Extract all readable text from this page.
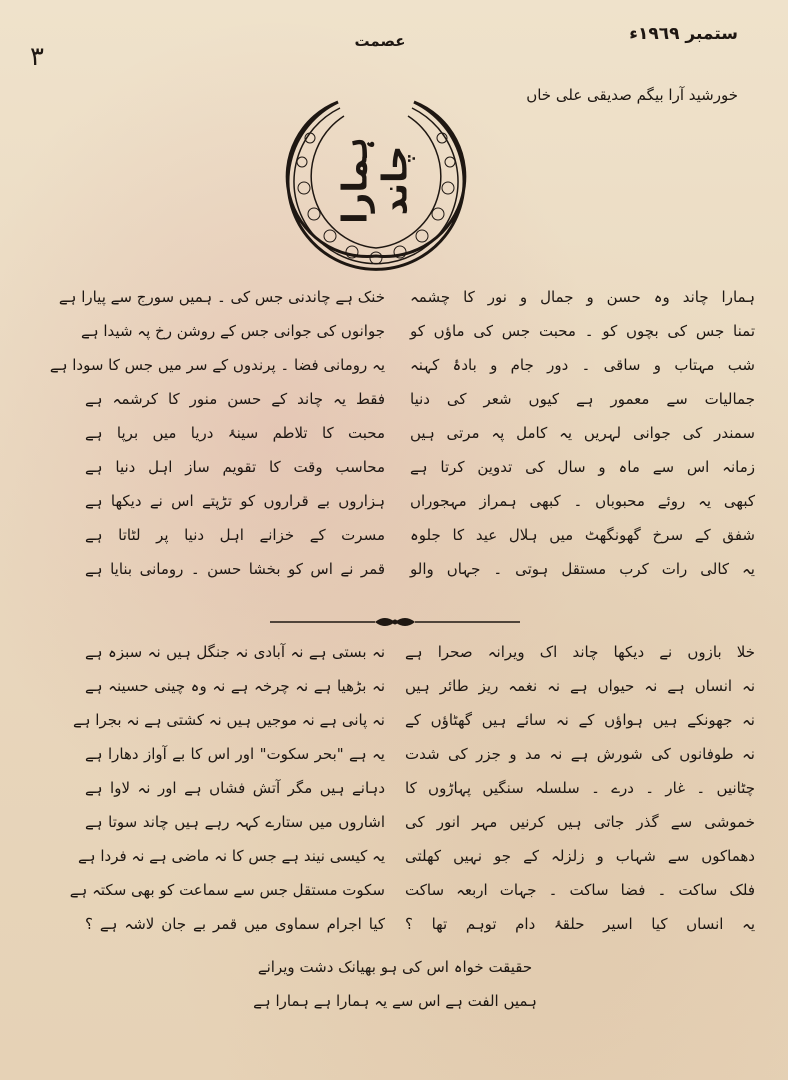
٣
عصمت	ستمبر ١٩٦٩ء
خورشید آرا بیگم صدیقی علی خاں
ہمارا چاند
ہمارا چاند وہ حسن و جمال و نور کا چشمہ
تمنا جس کی بچوں کو ۔ محبت جس کی ماؤں کو
شب مہتاب و ساقی ۔ دور جام و بادۂ کہنہ
جمالیات سے معمور ہے کیوں شعر کی دنیا
سمندر کی جوانی لہریں یہ کامل پہ مرتی ہیں
زمانہ اس سے ماہ و سال کی تدوین کرتا ہے
کبھی یہ روئے محبوباں ۔ کبھی ہمراز مہجوراں
شفق کے سرخ گھونگھٹ میں ہلال عید کا جلوہ
یہ کالی رات کرب مستقل ہوتی ۔ جہاں والو
خنک ہے چاندنی جس کی ۔ ہمیں سورج سے پیارا ہے
جوانوں کی جوانی جس کے روشن رخ پہ شیدا ہے
یہ رومانی فضا ۔ پرندوں کے سر میں جس کا سودا ہے
فقط یہ چاند کے حسن منور کا کرشمہ ہے
محبت کا تلاطم سینۂ دریا میں برپا ہے
محاسب وقت کا تقویم ساز اہل دنیا ہے
ہزاروں بے قراروں کو تڑپتے اس نے دیکھا ہے
مسرت کے خزانے اہل دنیا پر لٹاتا ہے
قمر نے اس کو بخشا حسن ۔ رومانی بنایا ہے
خلا بازوں نے دیکھا چاند اک ویرانہ صحرا ہے
نہ انساں ہے نہ حیواں ہے نہ نغمہ ریز طائر ہیں
نہ جھونکے ہیں ہواؤں کے نہ سائے ہیں گھٹاؤں کے
نہ طوفانوں کی شورش ہے نہ مد و جزر کی شدت
چٹانیں ۔ غار ۔ درے ۔ سلسلہ سنگیں پہاڑوں کا
خموشی سے گذر جاتی ہیں کرنیں مہر انور کی
دھماکوں سے شہاب و زلزلہ کے جو نہیں کھلتی
فلک ساکت ۔ فضا ساکت ۔ جہات اربعہ ساکت
یہ انساں کیا اسیر حلقۂ دام توہم تھا ؟
نہ بستی ہے نہ آبادی نہ جنگل ہیں نہ سبزہ ہے
نہ بڑھیا ہے نہ چرخہ ہے نہ وہ چینی حسینہ ہے
نہ پانی ہے نہ موجیں ہیں نہ کشتی ہے نہ بجرا ہے
یہ ہے "بحر سکوت" اور اس کا بے آواز دھارا ہے
دہانے ہیں مگر آتش فشاں ہے اور نہ لاوا ہے
اشاروں میں ستارے کہہ رہے ہیں چاند سوتا ہے
یہ کیسی نیند ہے جس کا نہ ماضی ہے نہ فردا ہے
سکوت مستقل جس سے سماعت کو بھی سکتہ ہے
کیا اجرام سماوی میں قمر بے جان لاشہ ہے ؟
حقیقت خواہ اس کی ہو بھیانک دشت ویرانے
ہمیں الفت ہے اس سے یہ ہمارا ہے ہمارا ہے
